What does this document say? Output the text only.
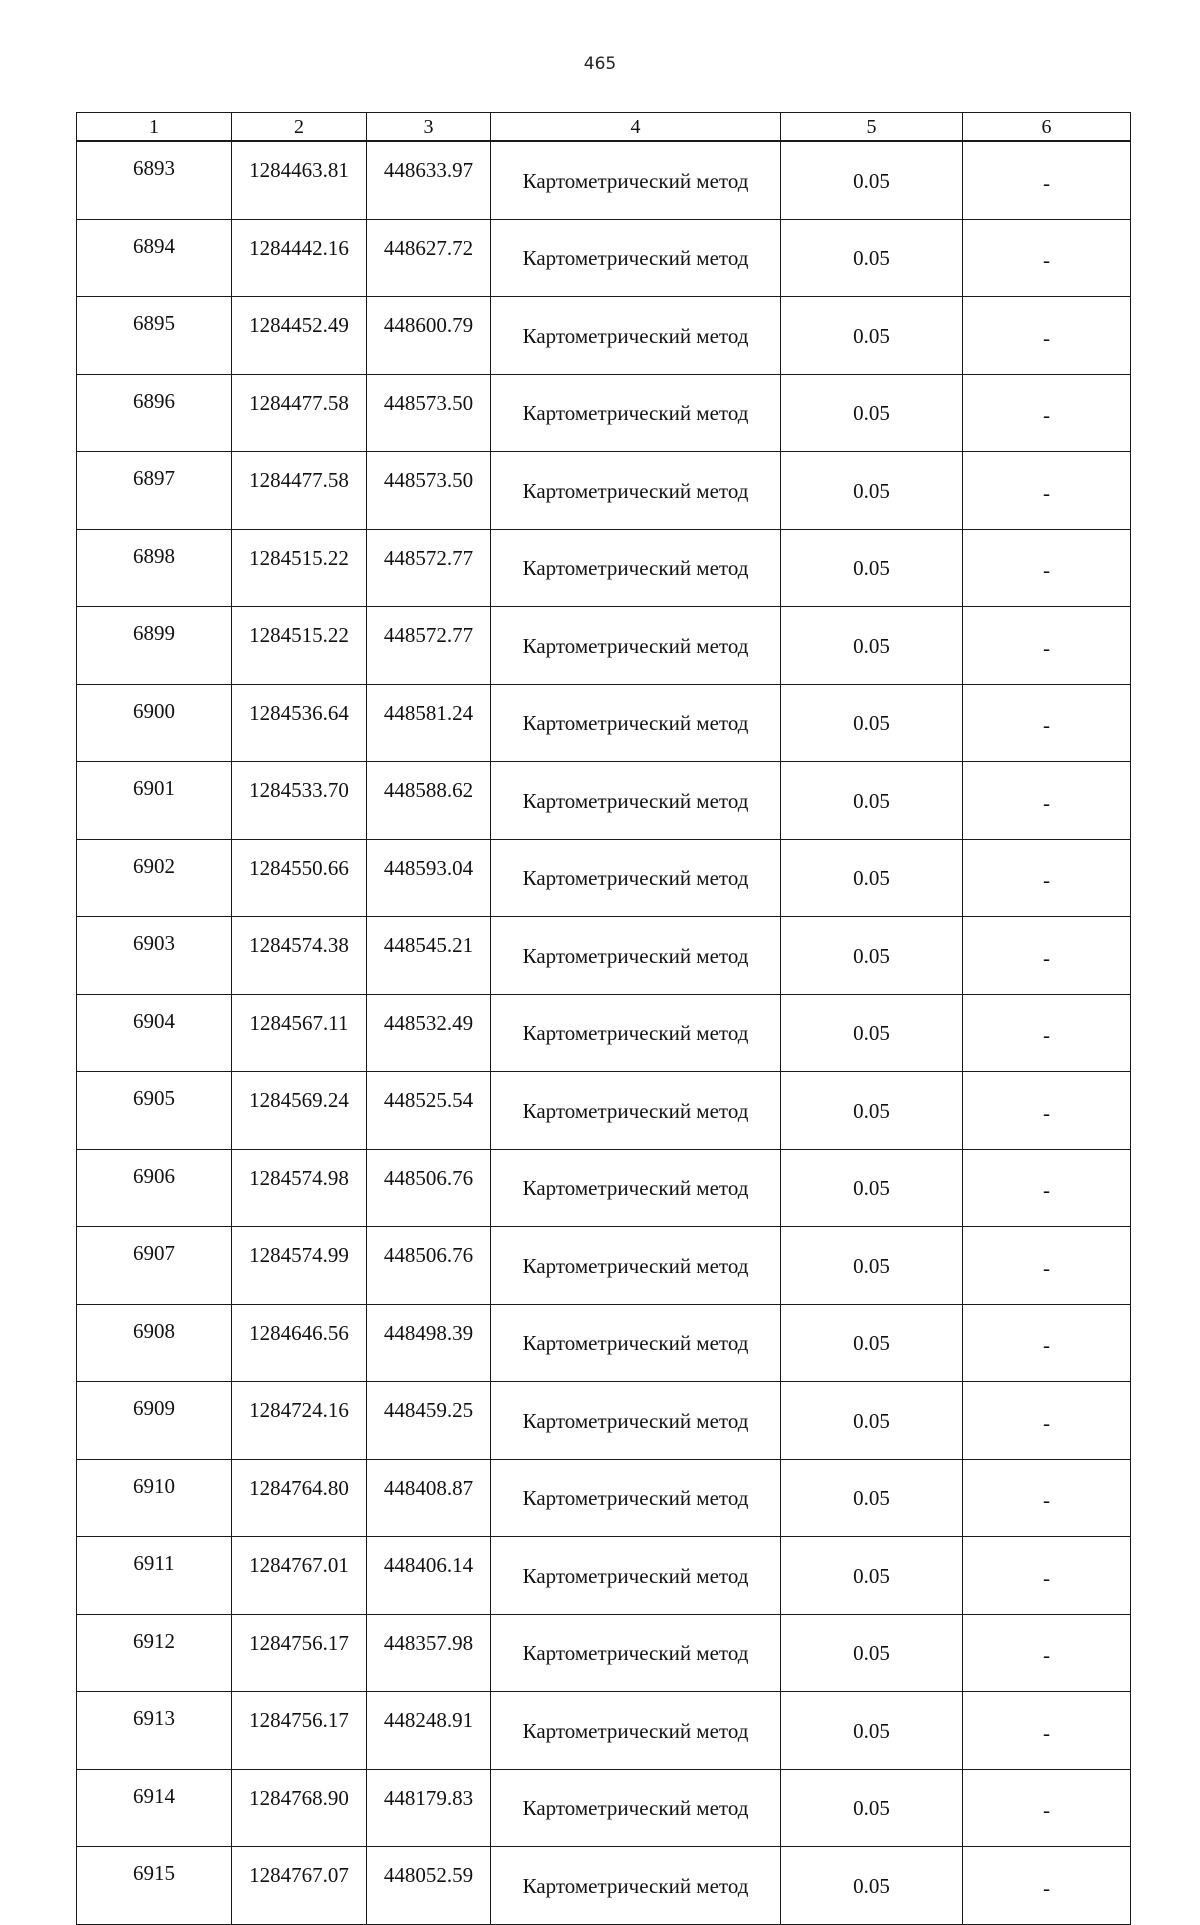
465
1	2	3	4	5	6
6893	1284463.81	448633.97	Картометрический метод	0.05	-
6894	1284442.16	448627.72	Картометрический метод	0.05	-
6895	1284452.49	448600.79	Картометрический метод	0.05	-
6896	1284477.58	448573.50	Картометрический метод	0.05	-
6897	1284477.58	448573.50	Картометрический метод	0.05	-
6898	1284515.22	448572.77	Картометрический метод	0.05	-
6899	1284515.22	448572.77	Картометрический метод	0.05	-
6900	1284536.64	448581.24	Картометрический метод	0.05	-
6901	1284533.70	448588.62	Картометрический метод	0.05	-
6902	1284550.66	448593.04	Картометрический метод	0.05	-
6903	1284574.38	448545.21	Картометрический метод	0.05	-
6904	1284567.11	448532.49	Картометрический метод	0.05	-
6905	1284569.24	448525.54	Картометрический метод	0.05	-
6906	1284574.98	448506.76	Картометрический метод	0.05	-
6907	1284574.99	448506.76	Картометрический метод	0.05	-
6908	1284646.56	448498.39	Картометрический метод	0.05	-
6909	1284724.16	448459.25	Картометрический метод	0.05	-
6910	1284764.80	448408.87	Картометрический метод	0.05	-
6911	1284767.01	448406.14	Картометрический метод	0.05	-
6912	1284756.17	448357.98	Картометрический метод	0.05	-
6913	1284756.17	448248.91	Картометрический метод	0.05	-
6914	1284768.90	448179.83	Картометрический метод	0.05	-
6915	1284767.07	448052.59	Картометрический метод	0.05	-
